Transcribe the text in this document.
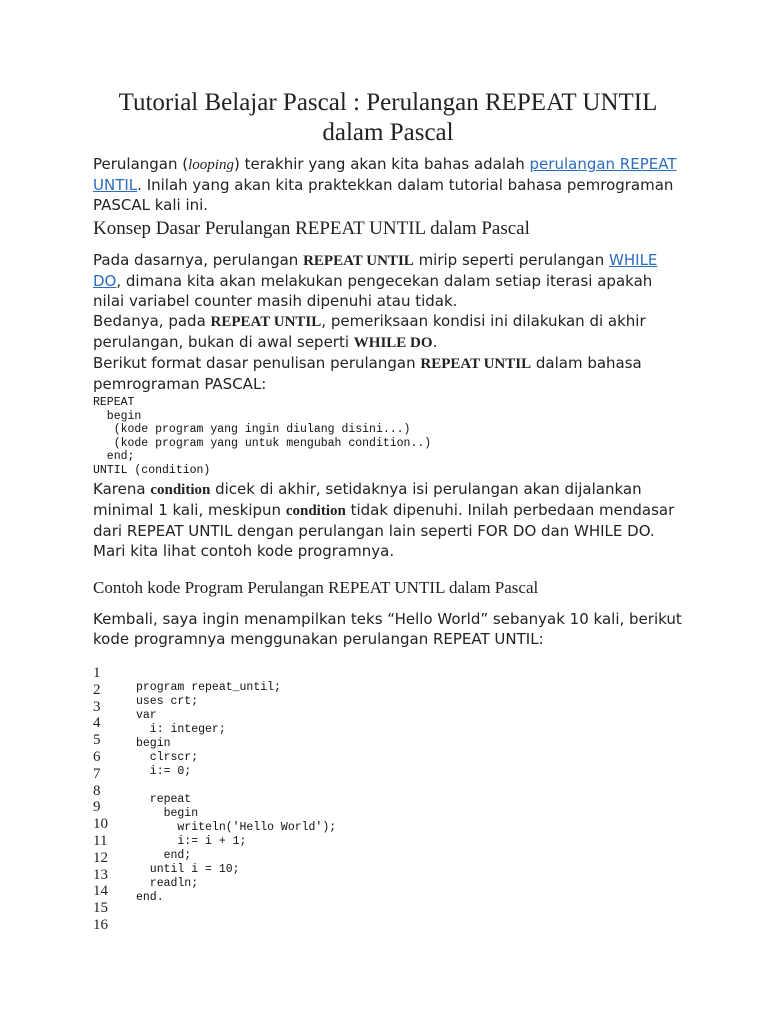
Tutorial Belajar Pascal : Perulangan REPEAT UNTIL dalam Pascal

Perulangan (looping) terakhir yang akan kita bahas adalah perulangan REPEAT UNTIL. Inilah yang akan kita praktekkan dalam tutorial bahasa pemrograman PASCAL kali ini.

Konsep Dasar Perulangan REPEAT UNTIL dalam Pascal

Pada dasarnya, perulangan REPEAT UNTIL mirip seperti perulangan WHILE DO, dimana kita akan melakukan pengecekan dalam setiap iterasi apakah nilai variabel counter masih dipenuhi atau tidak.

Bedanya, pada REPEAT UNTIL, pemeriksaan kondisi ini dilakukan di akhir perulangan, bukan di awal seperti WHILE DO.

Berikut format dasar penulisan perulangan REPEAT UNTIL dalam bahasa pemrograman PASCAL:

REPEAT
begin
(kode program yang ingin diulang disini...)
(kode program yang untuk mengubah condition..)
end;
UNTIL (condition)

Karena condition dicek di akhir, setidaknya isi perulangan akan dijalankan minimal 1 kali, meskipun condition tidak dipenuhi. Inilah perbedaan mendasar dari REPEAT UNTIL dengan perulangan lain seperti FOR DO dan WHILE DO.

Mari kita lihat contoh kode programnya.

Contoh kode Program Perulangan REPEAT UNTIL dalam Pascal

Kembali, saya ingin menampilkan teks “Hello World” sebanyak 10 kali, berikut kode programnya menggunakan perulangan REPEAT UNTIL:

1
2
3
4
5
6
7
8
9
10
11
12
13
14
15
16
program repeat_until;
uses crt;
var
i: integer;
begin
clrscr;
i:= 0;

repeat
begin
writeln('Hello World');
i:= i + 1;
end;
until i = 10;
readln;
end.
